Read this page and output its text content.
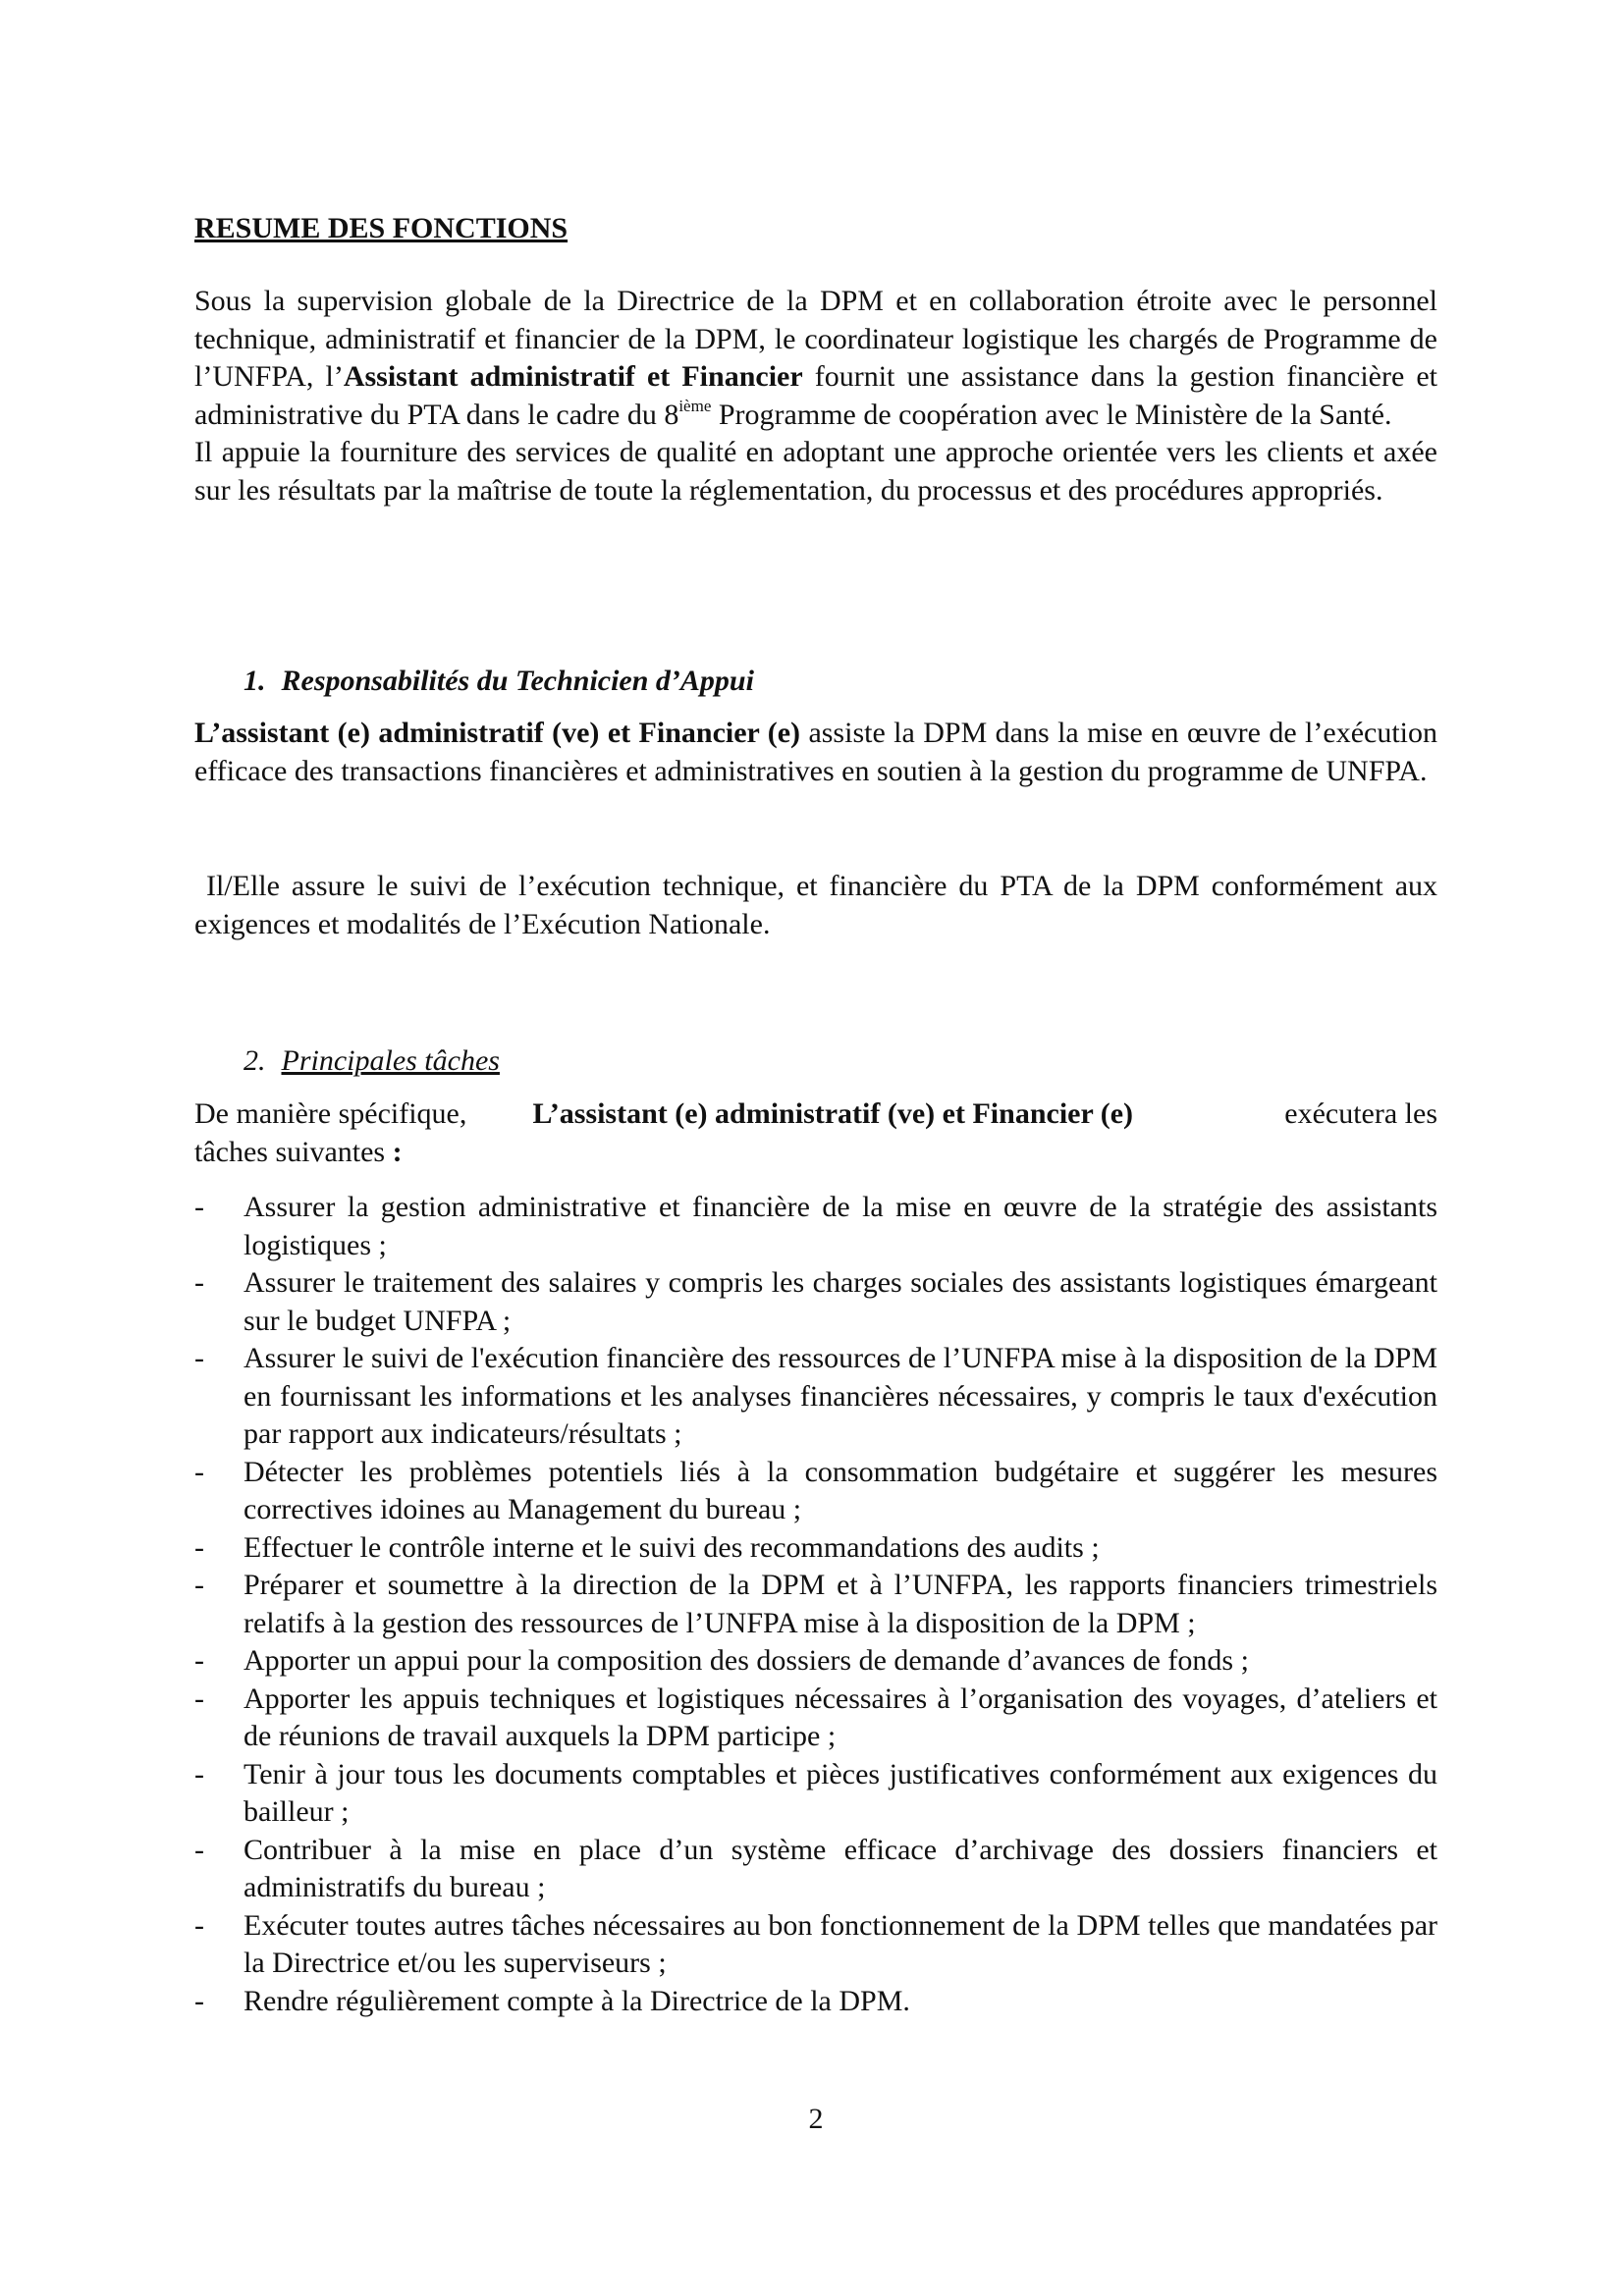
RESUME DES FONCTIONS

Sous la supervision globale de la Directrice de la DPM et en collaboration étroite avec le personnel technique, administratif et financier de la DPM, le coordinateur logistique les chargés de Programme de l’UNFPA, l’Assistant administratif et Financier fournit une assistance dans la gestion financière et administrative du PTA dans le cadre du 8ième Programme de coopération avec le Ministère de la Santé.
Il appuie la fourniture des services de qualité en adoptant une approche orientée vers les clients et axée sur les résultats par la maîtrise de toute la réglementation, du processus et des procédures appropriés.

1. Responsabilités du Technicien d’Appui

L’assistant (e) administratif (ve) et Financier (e) assiste la DPM dans la mise en œuvre de l’exécution efficace des transactions financières et administratives en soutien à la gestion du programme de UNFPA.

Il/Elle assure le suivi de l’exécution technique, et financière du PTA de la DPM conformément aux exigences et modalités de l’Exécution Nationale.

2. Principales tâches
De manière spécifique, L’assistant (e) administratif (ve) et Financier (e)	exécutera les
tâches suivantes :
- Assurer la gestion administrative et financière de la mise en œuvre de la stratégie des assistants logistiques ;
- Assurer le traitement des salaires y compris les charges sociales des assistants logistiques émargeant sur le budget UNFPA ;
- Assurer le suivi de l'exécution financière des ressources de l’UNFPA mise à la disposition de la DPM en fournissant les informations et les analyses financières nécessaires, y compris le taux d'exécution par rapport aux indicateurs/résultats ;
- Détecter les problèmes potentiels liés à la consommation budgétaire et suggérer les mesures correctives idoines au Management du bureau ;
- Effectuer le contrôle interne et le suivi des recommandations des audits ;
- Préparer et soumettre à la direction de la DPM et à l’UNFPA, les rapports financiers trimestriels relatifs à la gestion des ressources de l’UNFPA mise à la disposition de la DPM ;
- Apporter un appui pour la composition des dossiers de demande d’avances de fonds ;
- Apporter les appuis techniques et logistiques nécessaires à l’organisation des voyages, d’ateliers et de réunions de travail auxquels la DPM participe ;
- Tenir à jour tous les documents comptables et pièces justificatives conformément aux exigences du bailleur ;
- Contribuer à la mise en place d’un système efficace d’archivage des dossiers financiers et administratifs du bureau ;
- Exécuter toutes autres tâches nécessaires au bon fonctionnement de la DPM telles que mandatées par la Directrice et/ou les superviseurs ;
- Rendre régulièrement compte à la Directrice de la DPM.
2
